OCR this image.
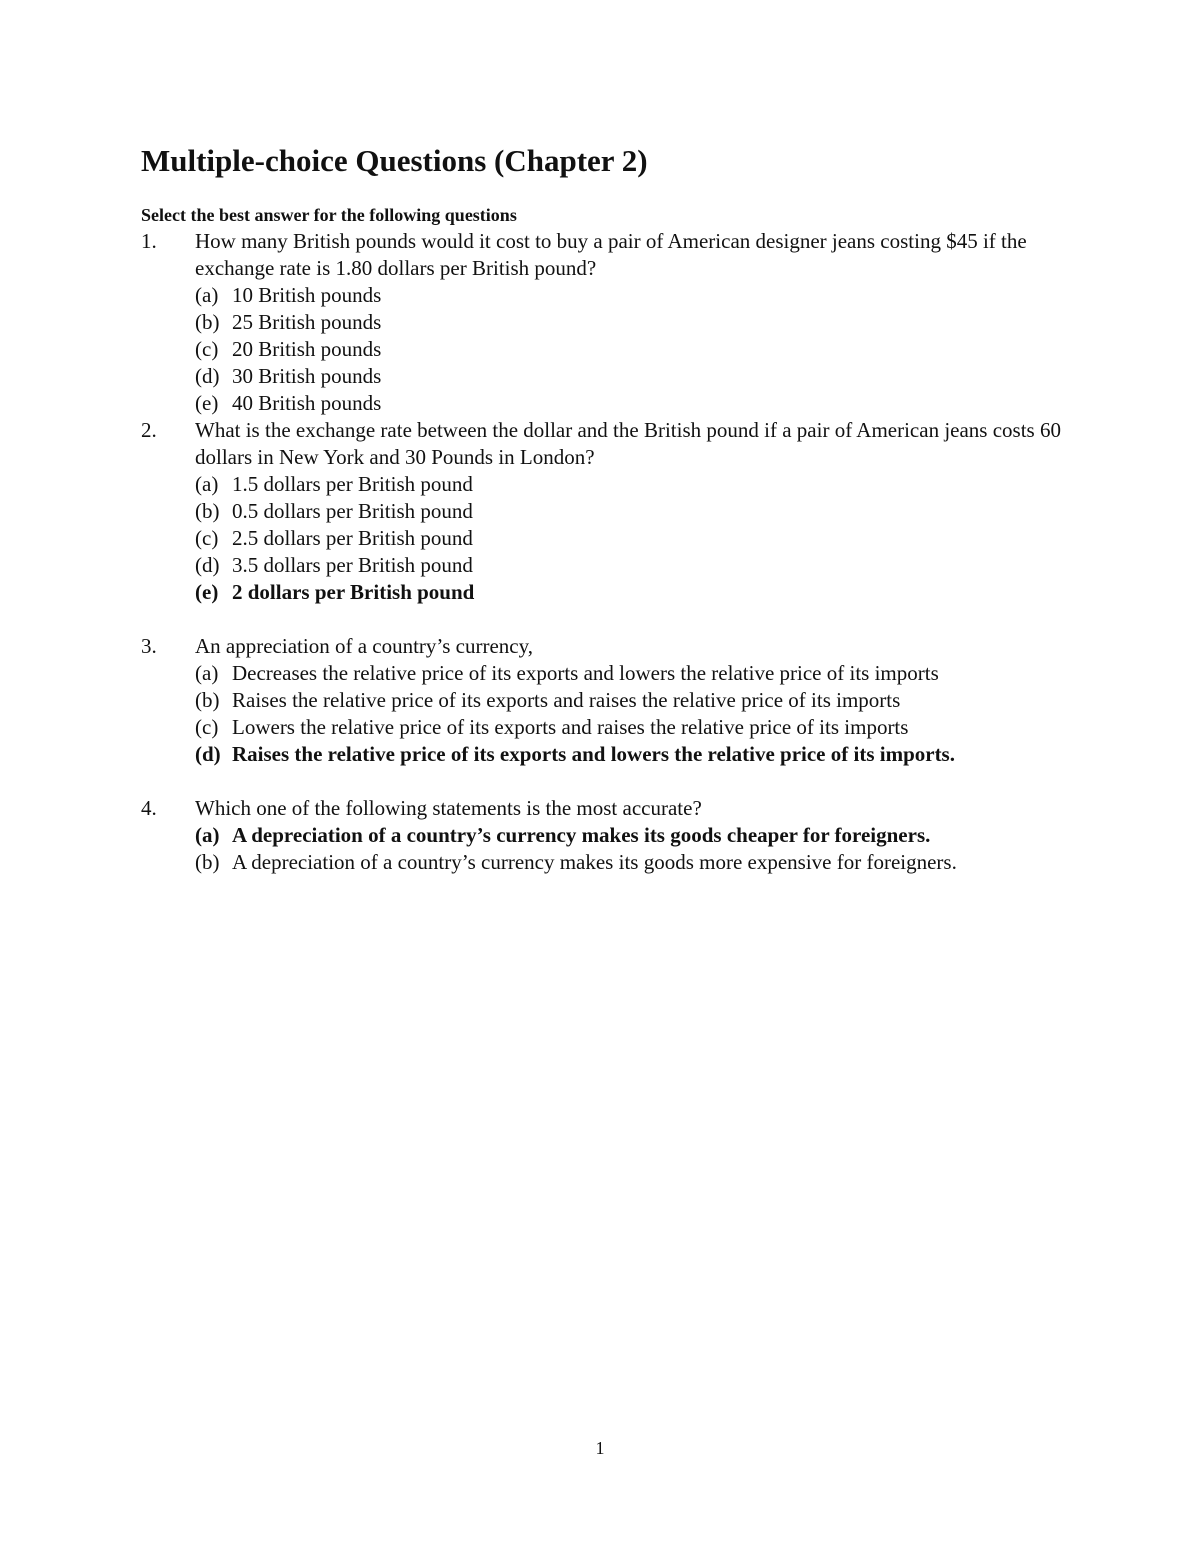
Multiple-choice Questions (Chapter 2)

Select the best answer for the following questions

1.	How many British pounds would it cost to buy a pair of American designer jeans costing $45 if the exchange rate is 1.80 dollars per British pound?
(a) 10 British pounds
(b) 25 British pounds
(c) 20 British pounds
(d) 30 British pounds
(e) 40 British pounds
2.	What is the exchange rate between the dollar and the British pound if a pair of American jeans costs 60 dollars in New York and 30 Pounds in London?
(a) 1.5 dollars per British pound
(b) 0.5 dollars per British pound
(c) 2.5 dollars per British pound
(d) 3.5 dollars per British pound
(e) 2 dollars per British pound
3.	An appreciation of a country’s currency,
(a) Decreases the relative price of its exports and lowers the relative price of its imports
(b) Raises the relative price of its exports and raises the relative price of its imports
(c) Lowers the relative price of its exports and raises the relative price of its imports
(d) Raises the relative price of its exports and lowers the relative price of its imports.
4.	Which one of the following statements is the most accurate?
(a) A depreciation of a country’s currency makes its goods cheaper for foreigners.
(b) A depreciation of a country’s currency makes its goods more expensive for foreigners.
1
